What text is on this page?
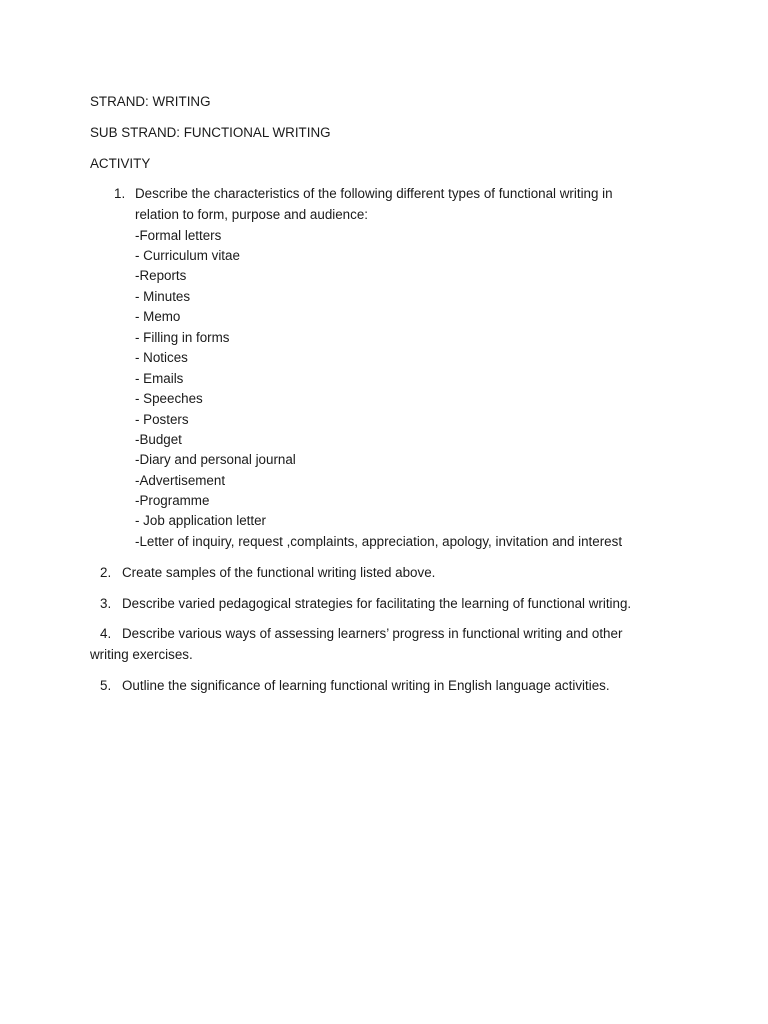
STRAND: WRITING
SUB STRAND: FUNCTIONAL WRITING
ACTIVITY
1. Describe the characteristics of the following different types of functional writing in
relation to form, purpose and audience:
-Formal letters
- Curriculum vitae
-Reports
- Minutes
- Memo
- Filling in forms
- Notices
- Emails
- Speeches
- Posters
-Budget
-Diary and personal journal
-Advertisement
-Programme
- Job application letter
-Letter of inquiry, request ,complaints, appreciation, apology, invitation and interest
2. Create samples of the functional writing listed above.
3. Describe varied pedagogical strategies for facilitating the learning of functional writing.
4. Describe various ways of assessing learners’ progress in functional writing and other
writing exercises.
5. Outline the significance of learning functional writing in English language activities.
